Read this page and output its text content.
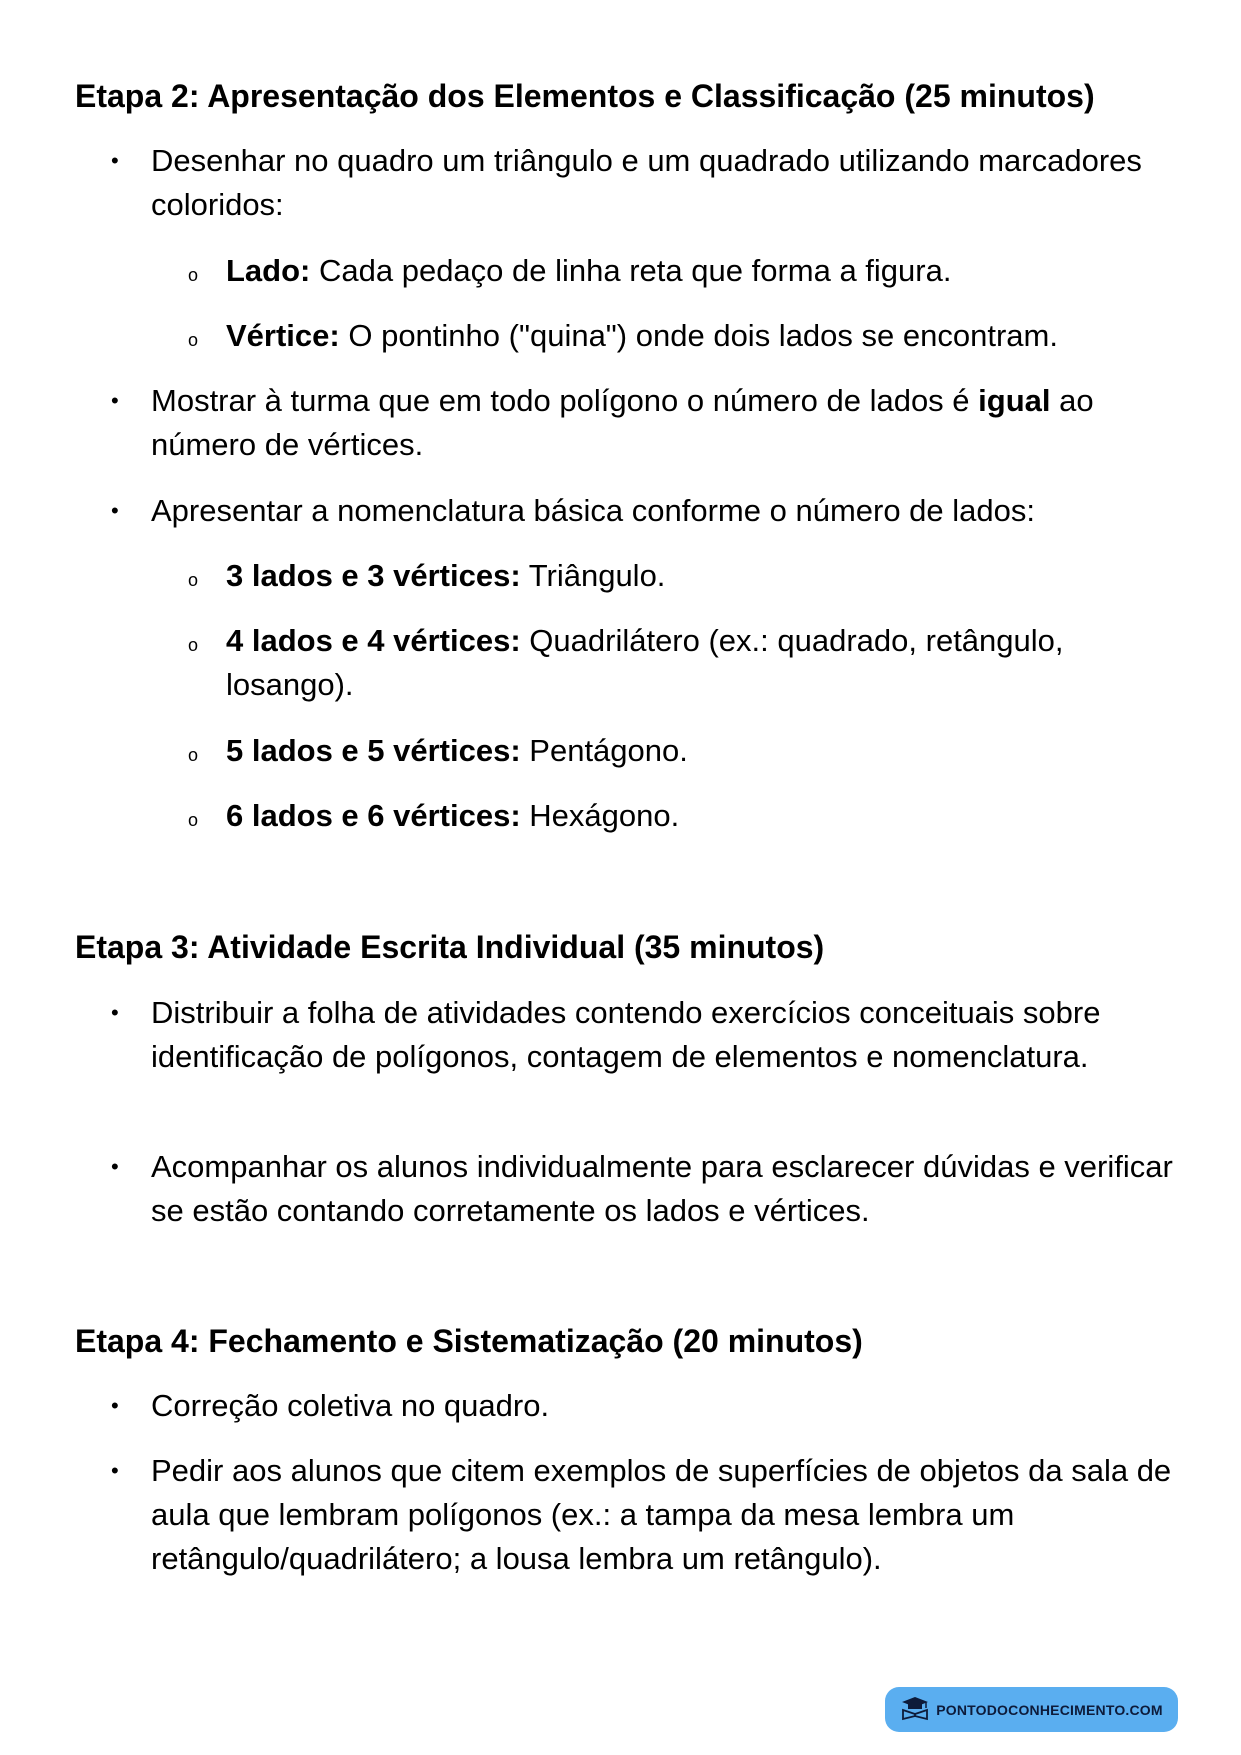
Etapa 2: Apresentação dos Elementos e Classificação (25 minutos)
•	Desenhar no quadro um triângulo e um quadrado utilizando marcadores coloridos:
o Lado: Cada pedaço de linha reta que forma a figura.
o Vértice: O pontinho ("quina") onde dois lados se encontram.
•	Mostrar à turma que em todo polígono o número de lados é igual ao número de vértices.
•	Apresentar a nomenclatura básica conforme o número de lados:
o 3 lados e 3 vértices: Triângulo.
o 4 lados e 4 vértices: Quadrilátero (ex.: quadrado, retângulo, losango).
o 5 lados e 5 vértices: Pentágono.
o 6 lados e 6 vértices: Hexágono.
Etapa 3: Atividade Escrita Individual (35 minutos)
•	Distribuir a folha de atividades contendo exercícios conceituais sobre identificação de polígonos, contagem de elementos e nomenclatura.
•	Acompanhar os alunos individualmente para esclarecer dúvidas e verificar se estão contando corretamente os lados e vértices.
Etapa 4: Fechamento e Sistematização (20 minutos)
•	Correção coletiva no quadro.
•	Pedir aos alunos que citem exemplos de superfícies de objetos da sala de aula que lembram polígonos (ex.: a tampa da mesa lembra um retângulo/quadrilátero; a lousa lembra um retângulo).
PONTODOCONHECIMENTO.COM
